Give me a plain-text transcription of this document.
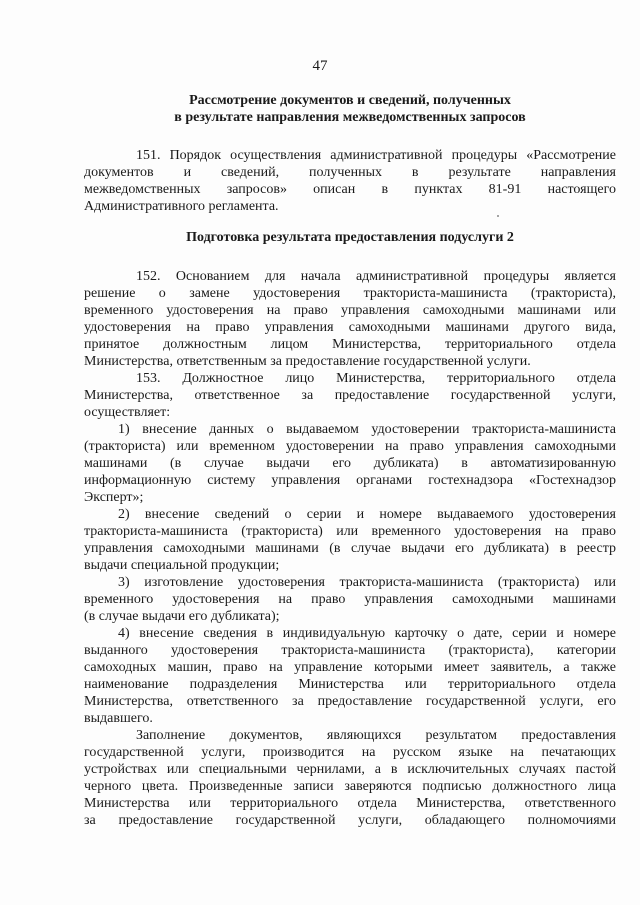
47
Рассмотрение документов и сведений, полученных
в результате направления межведомственных запросов
151. Порядок осуществления административной процедуры «Рассмотрение
документов и сведений, полученных в результате направления
межведомственных запросов» описан в пунктах 81-91 настоящего
Административного регламента.
Подготовка результата предоставления подуслуги 2
152. Основанием для начала административной процедуры является
решение о замене удостоверения тракториста-машиниста (тракториста),
временного удостоверения на право управления самоходными машинами или
удостоверения на право управления самоходными машинами другого вида,
принятое должностным лицом Министерства, территориального отдела
Министерства, ответственным за предоставление государственной услуги.
153. Должностное лицо Министерства, территориального отдела
Министерства, ответственное за предоставление государственной услуги,
осуществляет:
1) внесение данных о выдаваемом удостоверении тракториста-машиниста
(тракториста) или временном удостоверении на право управления самоходными
машинами (в случае выдачи его дубликата) в автоматизированную
информационную систему управления органами гостехнадзора «Гостехнадзор
Эксперт»;
2) внесение сведений о серии и номере выдаваемого удостоверения
тракториста-машиниста (тракториста) или временного удостоверения на право
управления самоходными машинами (в случае выдачи его дубликата) в реестр
выдачи специальной продукции;
3) изготовление удостоверения тракториста-машиниста (тракториста) или
временного удостоверения на право управления самоходными машинами
(в случае выдачи его дубликата);
4) внесение сведения в индивидуальную карточку о дате, серии и номере
выданного удостоверения тракториста-машиниста (тракториста), категории
самоходных машин, право на управление которыми имеет заявитель, а также
наименование подразделения Министерства или территориального отдела
Министерства, ответственного за предоставление государственной услуги, его
выдавшего.
Заполнение документов, являющихся результатом предоставления
государственной услуги, производится на русском языке на печатающих
устройствах или специальными чернилами, а в исключительных случаях пастой
черного цвета. Произведенные записи заверяются подписью должностного лица
Министерства или территориального отдела Министерства, ответственного
за предоставление государственной услуги, обладающего полномочиями
